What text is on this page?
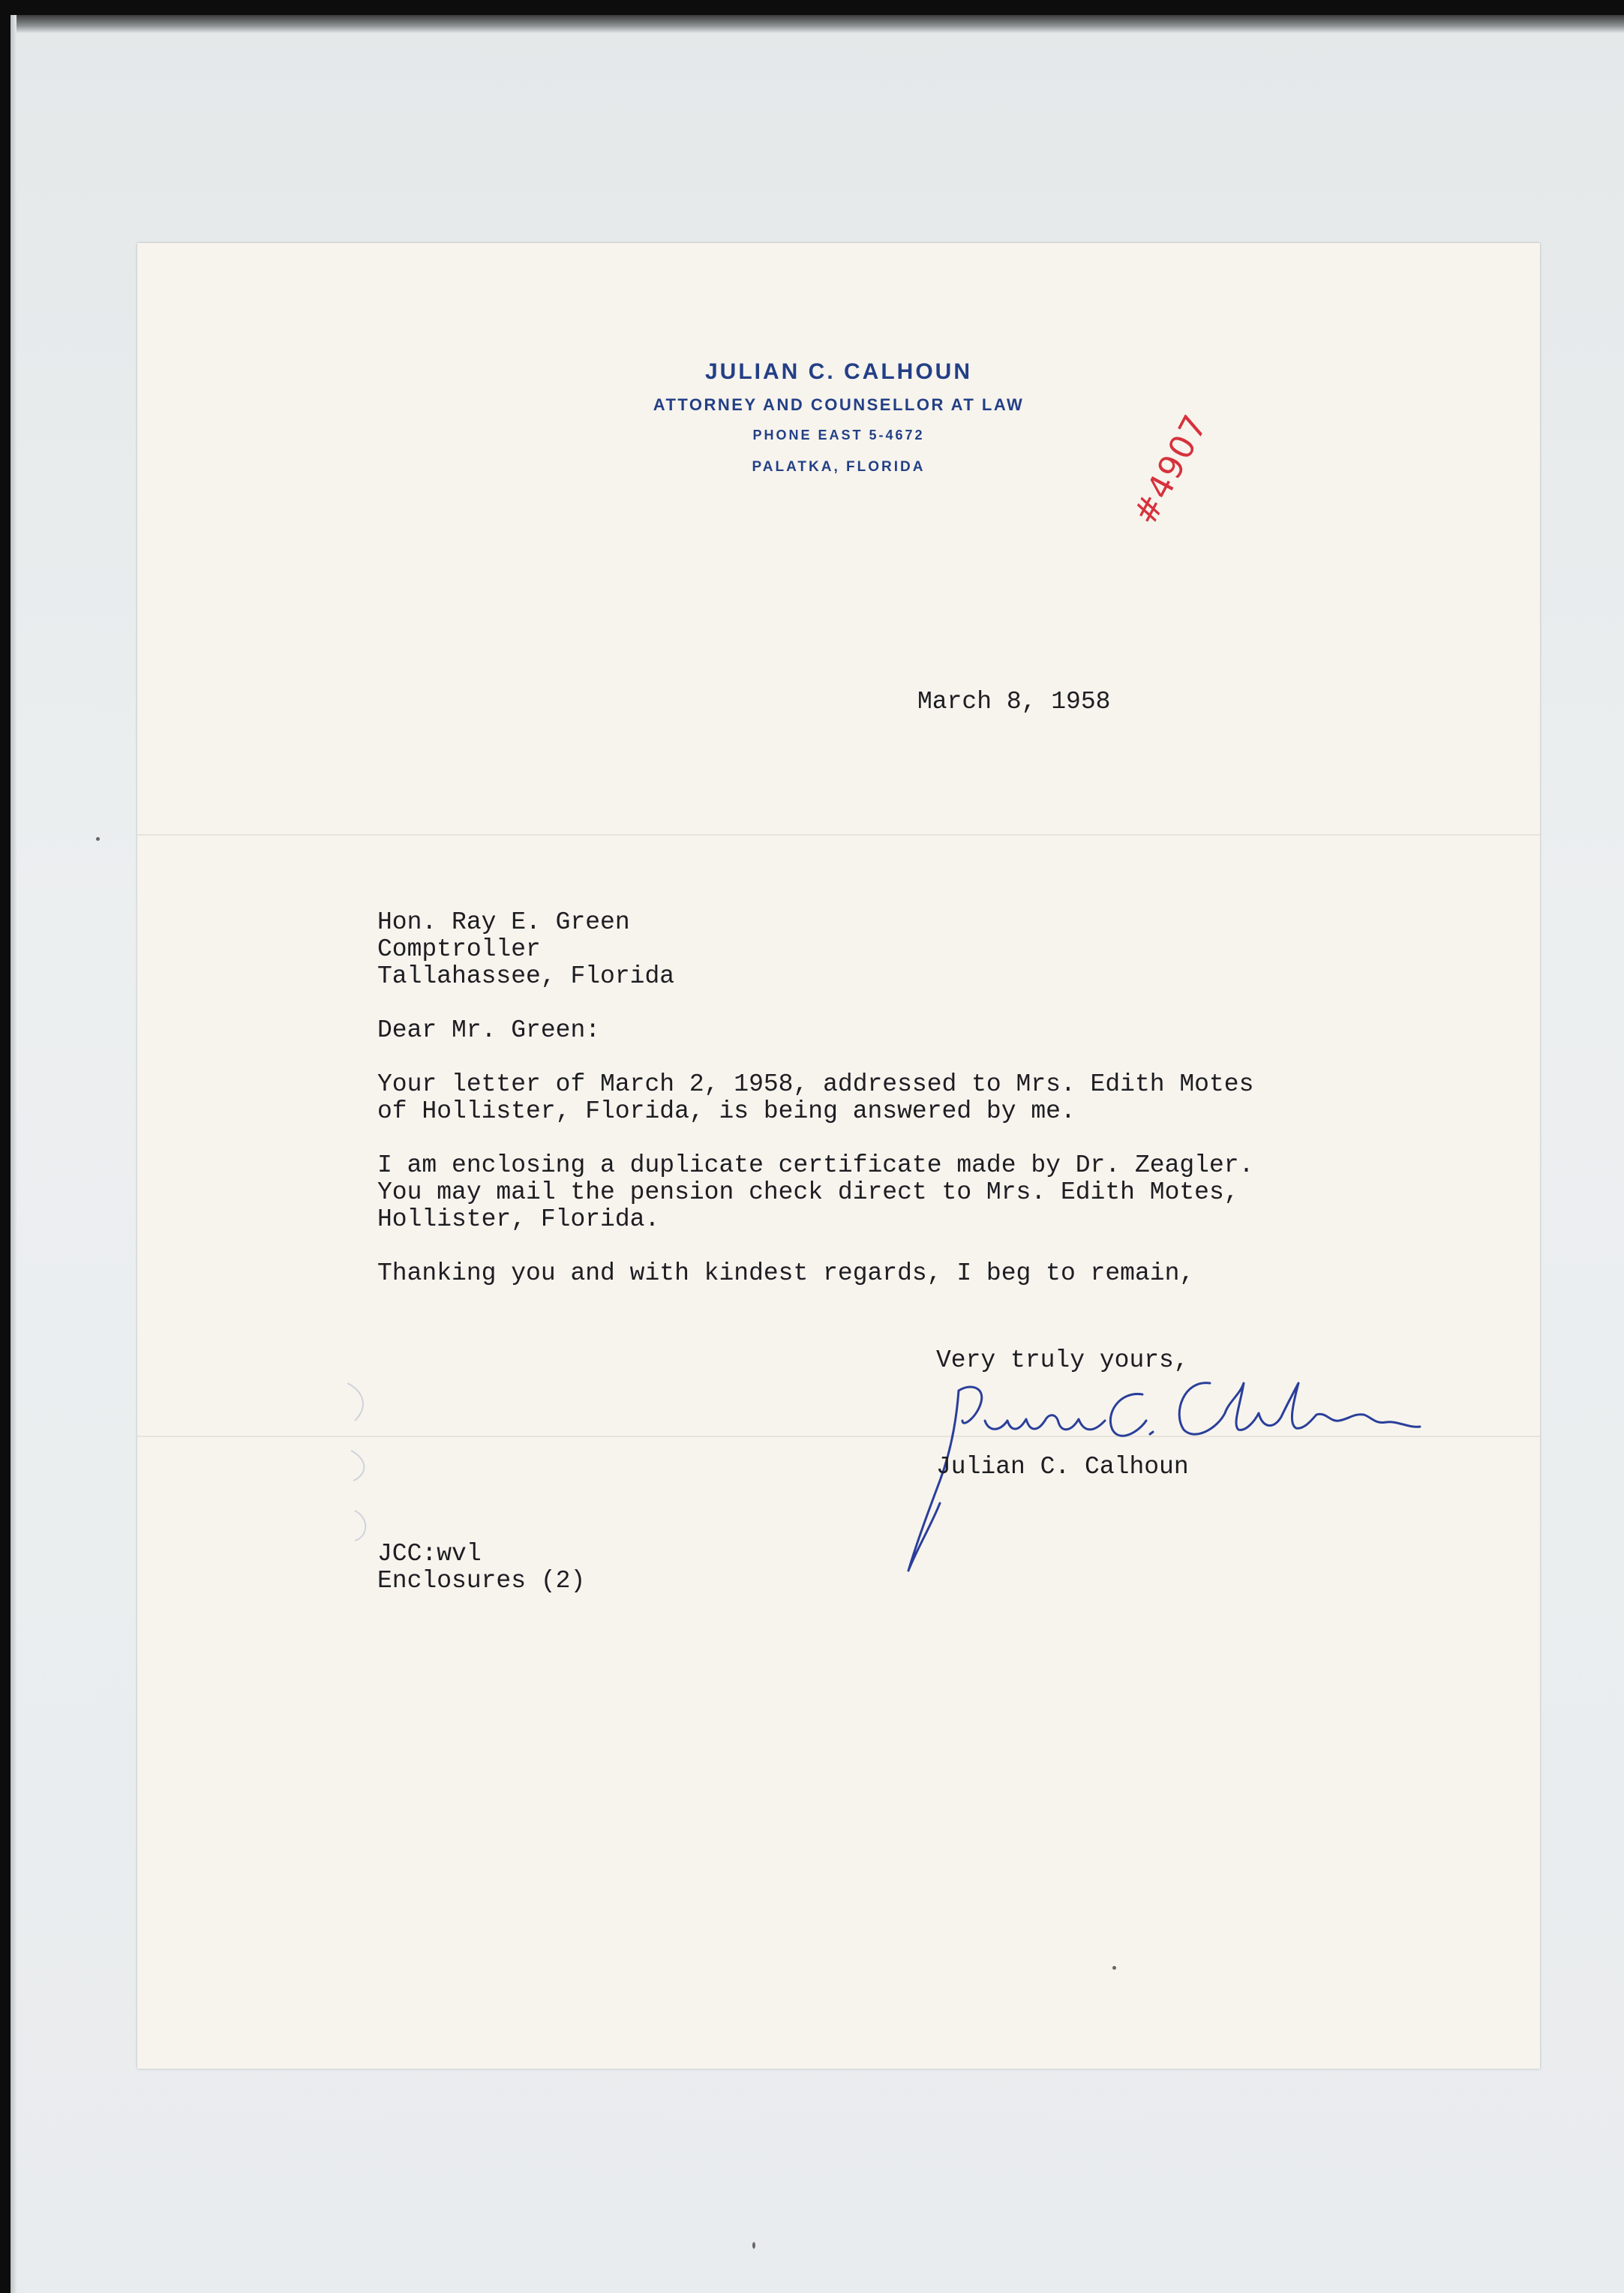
JULIAN C. CALHOUN
ATTORNEY AND COUNSELLOR AT LAW
PHONE EAST 5-4672
PALATKA, FLORIDA	#4907
March 8, 1958
Hon. Ray E. Green
Comptroller
Tallahassee, Florida
Dear Mr. Green:
Your letter of March 2, 1958, addressed to Mrs. Edith Motes
of Hollister, Florida, is being answered by me.
I am enclosing a duplicate certificate made by Dr. Zeagler.
You may mail the pension check direct to Mrs. Edith Motes,
Hollister, Florida.
Thanking you and with kindest regards, I beg to remain,
Very truly yours,
Julian C. Calhoun
JCC:wvl
Enclosures (2)
